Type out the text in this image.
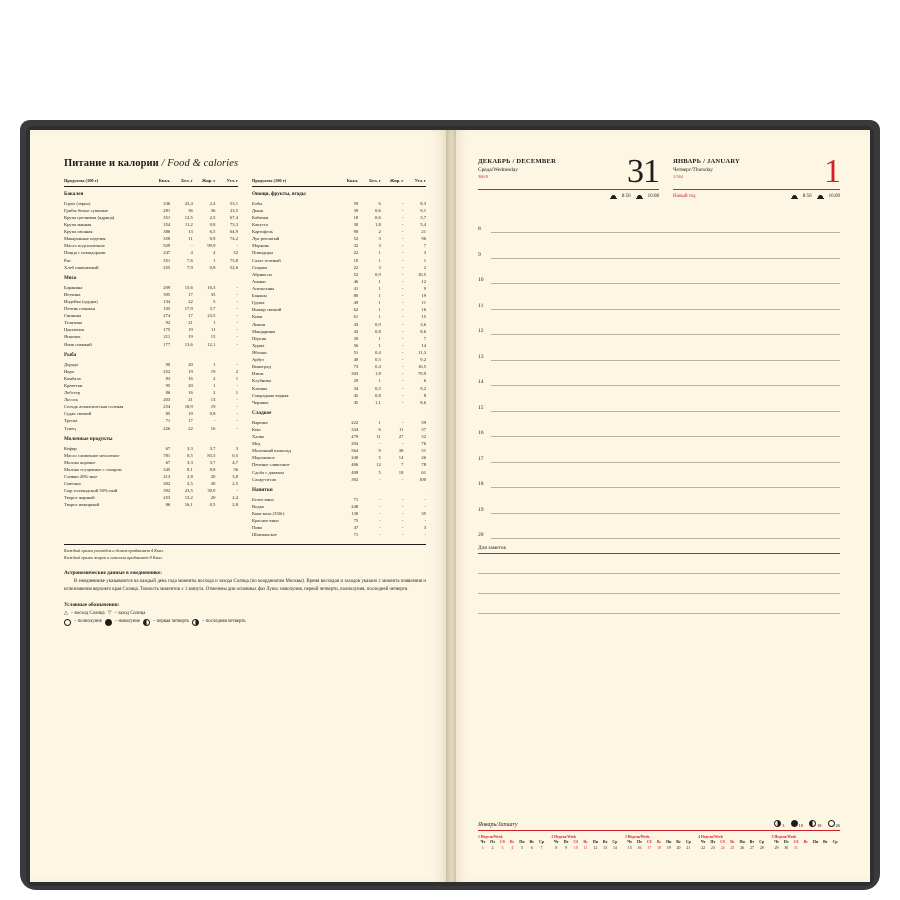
Питание и калории / Food & calories
Продукты (100 г)	Ккал.	Бел. г	Жир. г	Угл. г
Бакалея				
Горох (зерно)	336	23,4	2,4	53,1
Грибы белые сушеные	281	36	36	23,5
Крупа гречневая (ядрица)	351	12,5	2,5	67,4
Крупа манная	354	11,2	0,8	73,3
Крупа овсяная	386	13	6,5	64,9
Макаронные изделия	358	11	0,9	74,2
Масло подсолнечное	929	-	99,9	-
Пицца с помидорами	247	4	4	52
Рис	351	7,6	1	75,8
Хлеб пшеничный	255	7,9	0,8	52,6
Мясо				
Баранина	209	15,6	16,3	-
Ветчина	395	17	35	-
Индейка (грудка)	134	22	5	-
Печень говяжья	105	17,9	3,7	-
Свинина	274	17	23,5	-
Телятина	92	21	1	-
Цыпленок	175	19	11	-
Ягненок	211	19	15	-
Язык говяжий	177	13,6	12,1	-
Рыба				
Дорадо	90	20	1	-
Икра	252	19	19	2
Камбала	83	16	2	1
Креветки	95	20	1	-
Лобстер	86	16	2	1
Лосось	203	21	13	-
Сельдь атлантическая соленая	254	18,9	19	-
Судак свежий	85	19	0,8	-
Треска	71	17	-	-
Тунец	226	22	16	-
Молочные продукты				
Кефир	67	3,3	3,7	3
Масло сливочное несоленое	781	0,5	83,5	0,5
Молоко коровье	67	3,3	3,7	4,7
Молоко сгущенное с сахаром	345	8,1	8,8	56
Сливки 20%-ные	213	2,8	20	3,8
Сметана	302	2,5	30	2,5
Сыр голландский 50%-ный	392	23,5	30,9	-
Творог жирный	253	13,2	20	2,4
Творог нежирный	86	16,1	0,5	2,8
Продукты (100 г)	Ккал.	Бел. г	Жир. г	Угл. г
Овощи, фрукты, ягоды				
Бобы	59	6	-	8,3
Дыня	39	0,6	-	9,1
Кабачки	18	0,6	-	3,7
Капуста	30	1,8	-	5,4
Картофель	90	2	-	21
Лук репчатый	52	3	-	96
Морковь	32	3	-	7
Помидоры	22	1	-	3
Салат зеленый	10	1	-	1
Спаржа	22	3	-	2
Абрикосы	52	0,9	-	10,5
Ананас	46	1	-	12
Апельсины	41	1	-	9
Бананы	80	1	-	19
Груша	49	1	-	11
Инжир свежий	62	1	-	16
Киви	61	1	-	15
Лимон	43	0,9	-	3,6
Мандарины	43	0,8	-	8,6
Персик	30	1	-	7
Хурма	56	1	-	14
Яблоки	51	0,4	-	11,3
Арбуз	40	0,5	-	9,2
Виноград	73	0,4	-	16,5
Изюм	303	1,8	-	70,9
Клубника	29	1	-	6
Клюква	34	0,5	-	9,2
Смородина черная	45	0,8	-	8
Черника	45	1,1	-	8,6
Сладкое				
Варенье	222	1	-	59
Кекс	334	6	11	57
Халва	479	11	27	52
Мед	294	-	-	76
Молочный шоколад	564	9	38	51
Мороженое	240	5	14	26
Печенье сливочное	406	12	7	78
Сдоба с джемом	408	5	18	61
Сахар-песок	392	-	-	100
Напитки				
Белое вино	71	-	-	-
Водка	248	-	-	-
Кока-кола (330г)	130	-	-	35
Красное вино	75	-	-	-
Пиво	47	-	-	3
Шампанское	71	-	-	-
Каждый грамм углеводов и белков прибавляет 4 Ккал.
Каждый грамм жиров и алкоголя прибавляет 9 Ккал.
Астрономические данные в ежедневнике:

В ежедневнике указываются на каждый день года моменты восхода и захода Солнца (по координатам Москвы). Время восходов и заходов указано с момента появления и исчезновения верхнего края Солнца. Точность моментов ± 1 минута. Отмечены дни основных фаз Луны: новолуния, первой четверти, полнолуния, последней четверти.

Условные обозначения:
△ – восход Солнца ▽ – заход Солнца
– полнолуние	– новолуние	– первая четверть	– последняя четверть
ДЕКАБРЬ / DECEMBER
Среда/Wednesday
366/0	31
8:56	16:08
ЯНВАРЬ / JANUARY
Четверг/Thursday
1/364	1
Новый год	8:56	16:09
8
9
10
11
12
13
14
15
16
17
18
19
20
Для заметок
Январь/January	3	10	18	26
1 Неделя/Week
Чт	Пт	Сб	Вс	Пн	Вт	Ср
1	2	3	4	5	6	7
2 Неделя/Week
Чт	Пт	Сб	Вс	Пн	Вт	Ср
8	9	10	11	12	13	14
3 Неделя/Week
Чт	Пт	Сб	Вс	Пн	Вт	Ср
15	16	17	18	19	20	21
4 Неделя/Week
Чт	Пт	Сб	Вс	Пн	Вт	Ср
22	23	24	25	26	27	28
5 Неделя/Week
Чт	Пт	Сб	Вс	Пн	Вт	Ср
29	30	31				
